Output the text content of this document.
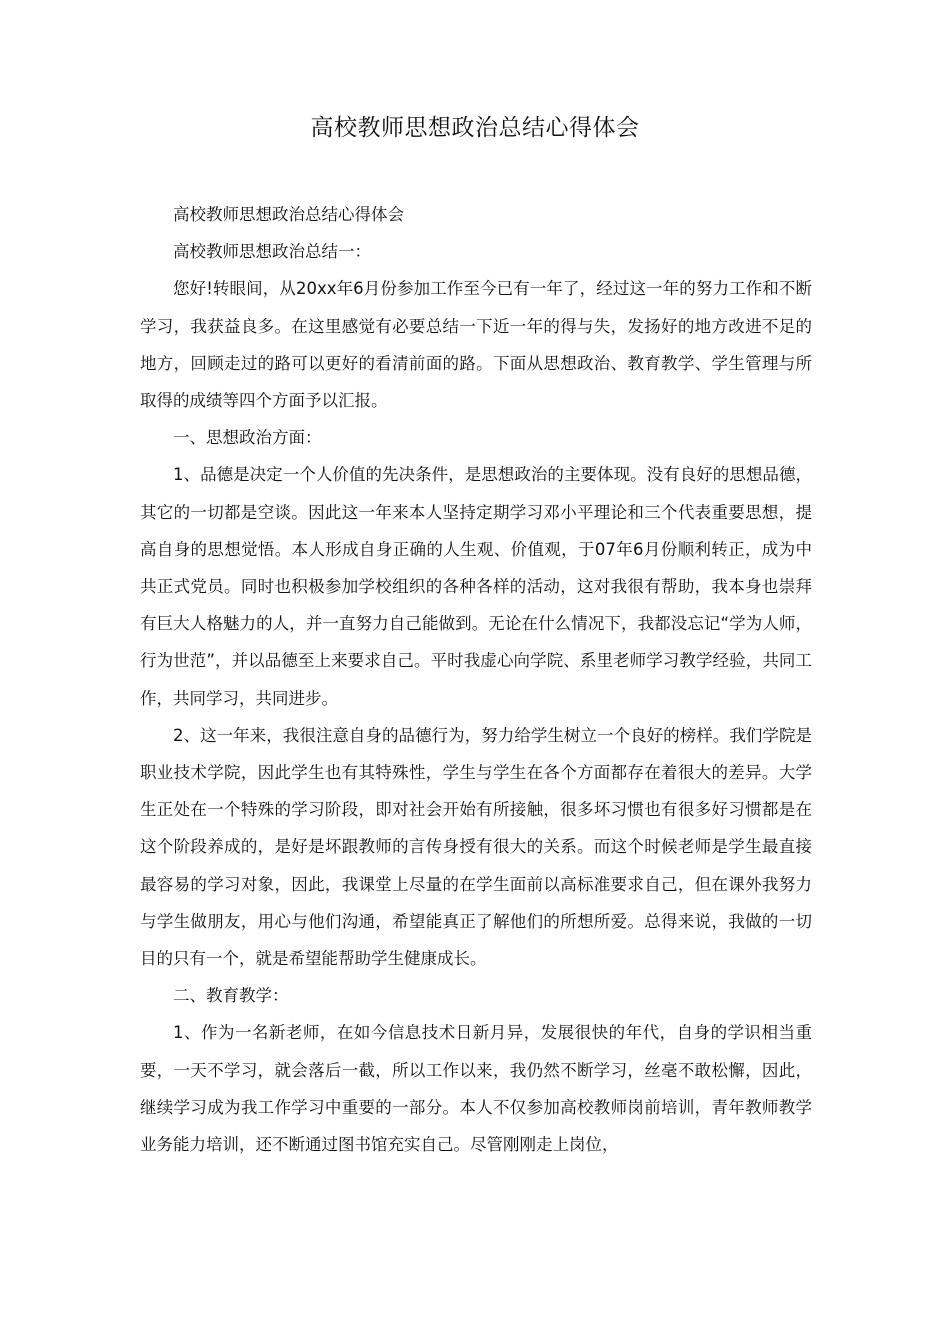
高校教师思想政治总结心得体会

高校教师思想政治总结心得体会

高校教师思想政治总结一：

您好!转眼间，从20xx年6月份参加工作至今已有一年了，经过这一年的努力工作和不断学习，我获益良多。在这里感觉有必要总结一下近一年的得与失，发扬好的地方改进不足的地方，回顾走过的路可以更好的看清前面的路。下面从思想政治、教育教学、学生管理与所取得的成绩等四个方面予以汇报。

一、思想政治方面：

1、品德是决定一个人价值的先决条件，是思想政治的主要体现。没有良好的思想品德，其它的一切都是空谈。因此这一年来本人坚持定期学习邓小平理论和三个代表重要思想，提高自身的思想觉悟。本人形成自身正确的人生观、价值观，于07年6月份顺利转正，成为中共正式党员。同时也积极参加学校组织的各种各样的活动，这对我很有帮助，我本身也崇拜有巨大人格魅力的人，并一直努力自己能做到。无论在什么情况下，我都没忘记“学为人师，行为世范”，并以品德至上来要求自己。平时我虚心向学院、系里老师学习教学经验，共同工作，共同学习，共同进步。

2、这一年来，我很注意自身的品德行为，努力给学生树立一个良好的榜样。我们学院是职业技术学院，因此学生也有其特殊性，学生与学生在各个方面都存在着很大的差异。大学生正处在一个特殊的学习阶段，即对社会开始有所接触，很多坏习惯也有很多好习惯都是在这个阶段养成的，是好是坏跟教师的言传身授有很大的关系。而这个时候老师是学生最直接最容易的学习对象，因此，我课堂上尽量的在学生面前以高标准要求自己，但在课外我努力与学生做朋友，用心与他们沟通，希望能真正了解他们的所想所爱。总得来说，我做的一切目的只有一个，就是希望能帮助学生健康成长。

二、教育教学：

1、作为一名新老师，在如今信息技术日新月异，发展很快的年代，自身的学识相当重要，一天不学习，就会落后一截，所以工作以来，我仍然不断学习，丝毫不敢松懈，因此，继续学习成为我工作学习中重要的一部分。本人不仅参加高校教师岗前培训，青年教师教学业务能力培训，还不断通过图书馆充实自己。尽管刚刚走上岗位，
